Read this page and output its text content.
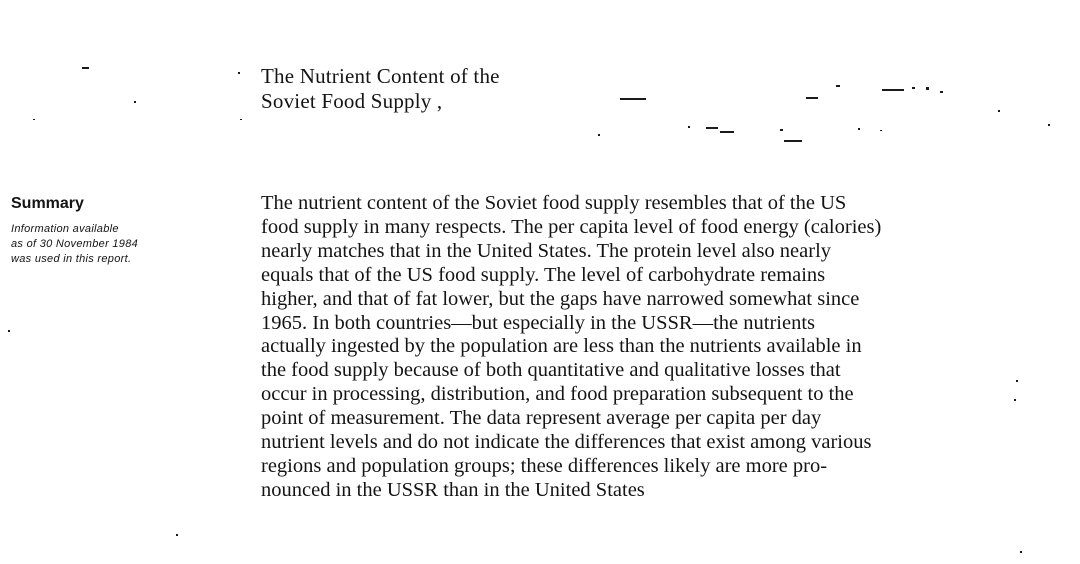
The Nutrient Content of the
Soviet Food Supply ,
Summary
Information available
as of 30 November 1984
was used in this report.
The nutrient content of the Soviet food supply resembles that of the US
food supply in many respects. The per capita level of food energy (calories)
nearly matches that in the United States. The protein level also nearly
equals that of the US food supply. The level of carbohydrate remains
higher, and that of fat lower, but the gaps have narrowed somewhat since
1965. In both countries—but especially in the USSR—the nutrients
actually ingested by the population are less than the nutrients available in
the food supply because of both quantitative and qualitative losses that
occur in processing, distribution, and food preparation subsequent to the
point of measurement. The data represent average per capita per day
nutrient levels and do not indicate the differences that exist among various
regions and population groups; these differences likely are more pro-
nounced in the USSR than in the United States
